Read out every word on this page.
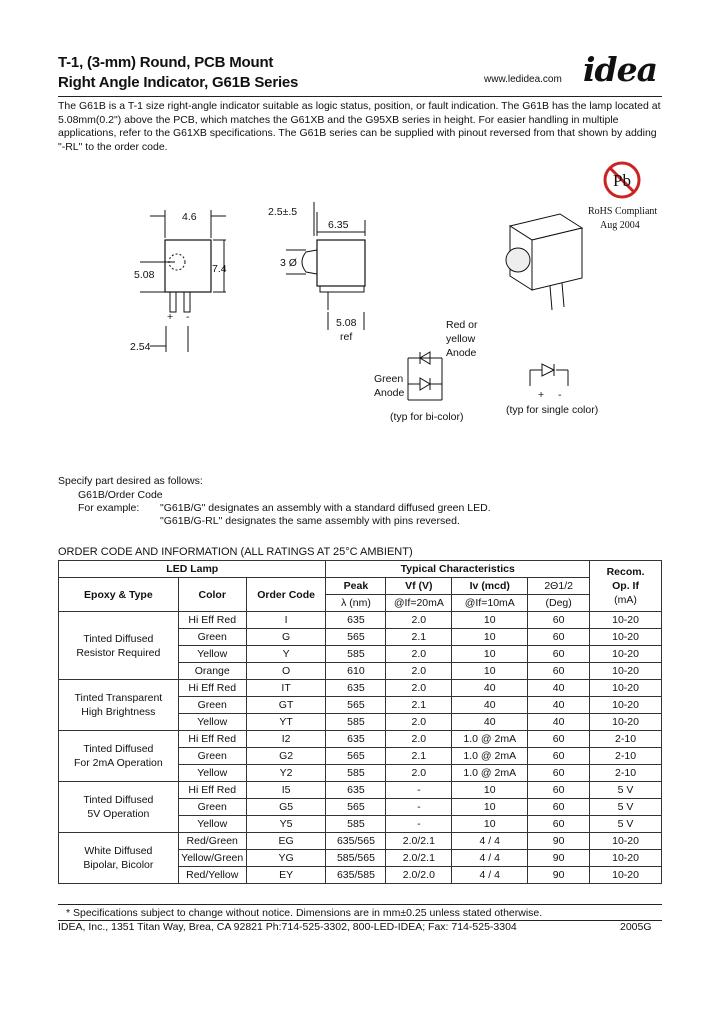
T-1, (3-mm) Round, PCB Mount
Right Angle Indicator, G61B Series	www.ledidea.com idea
The G61B is a T-1 size right-angle indicator suitable as logic status, position, or fault indication. The G61B has the lamp located at 5.08mm(0.2") above the PCB, which matches the G61XB and the G95XB series in height. For easier handling in multiple applications, refer to the G61XB specifications. The G61B series can be supplied with pinout reversed from that shown by adding "-RL" to the order code.
Pb
RoHS Compliant
Aug 2004
4.6
5.08	7.4
+ -
2.54
2.5±.5
6.35
3 Ø
5.08
ref
Red or
yellow
Anode
Green
Anode
(typ for bi-color)
+ -
(typ for single color)
Specify part desired as follows:
G61B/Order Code
For example: "G61B/G" designates an assembly with a standard diffused green LED.
"G61B/G-RL" designates the same assembly with pins reversed.
ORDER CODE AND INFORMATION (ALL RATINGS AT 25°C AMBIENT)
LED Lamp			Typical Characteristics				Recom.
Op. If
(mA)

Epoxy & Type	Color	Order Code	Peak	Vf (V)	Iv (mcd)	2Θ1/2	
			λ (nm)	@If=20mA	@If=10mA	(Deg)	

Tinted Diffused
Resistor Required	Hi Eff Red	I	635	2.0	10	60	10-20
	Green	G	565	2.1	10	60	10-20
	Yellow	Y	585	2.0	10	60	10-20
	Orange	O	610	2.0	10	60	10-20

Tinted Transparent
High Brightness	Hi Eff Red	IT	635	2.0	40	40	10-20
	Green	GT	565	2.1	40	40	10-20
	Yellow	YT	585	2.0	40	40	10-20

Tinted Diffused
For 2mA Operation	Hi Eff Red	I2	635	2.0	1.0 @ 2mA	60	2-10
	Green	G2	565	2.1	1.0 @ 2mA	60	2-10
	Yellow	Y2	585	2.0	1.0 @ 2mA	60	2-10

Tinted Diffused
5V Operation	Hi Eff Red	I5	635	-	10	60	5 V
	Green	G5	565	-	10	60	5 V
	Yellow	Y5	585	-	10	60	5 V

White Diffused
Bipolar, Bicolor	Red/Green	EG	635/565	2.0/2.1	4 / 4	90	10-20
	Yellow/Green	YG	585/565	2.0/2.1	4 / 4	90	10-20
	Red/Yellow	EY	635/585	2.0/2.0	4 / 4	90	10-20
* Specifications subject to change without notice. Dimensions are in mm±0.25 unless stated otherwise.
IDEA, Inc., 1351 Titan Way, Brea, CA 92821 Ph:714-525-3302, 800-LED-IDEA; Fax: 714-525-3304	2005G
